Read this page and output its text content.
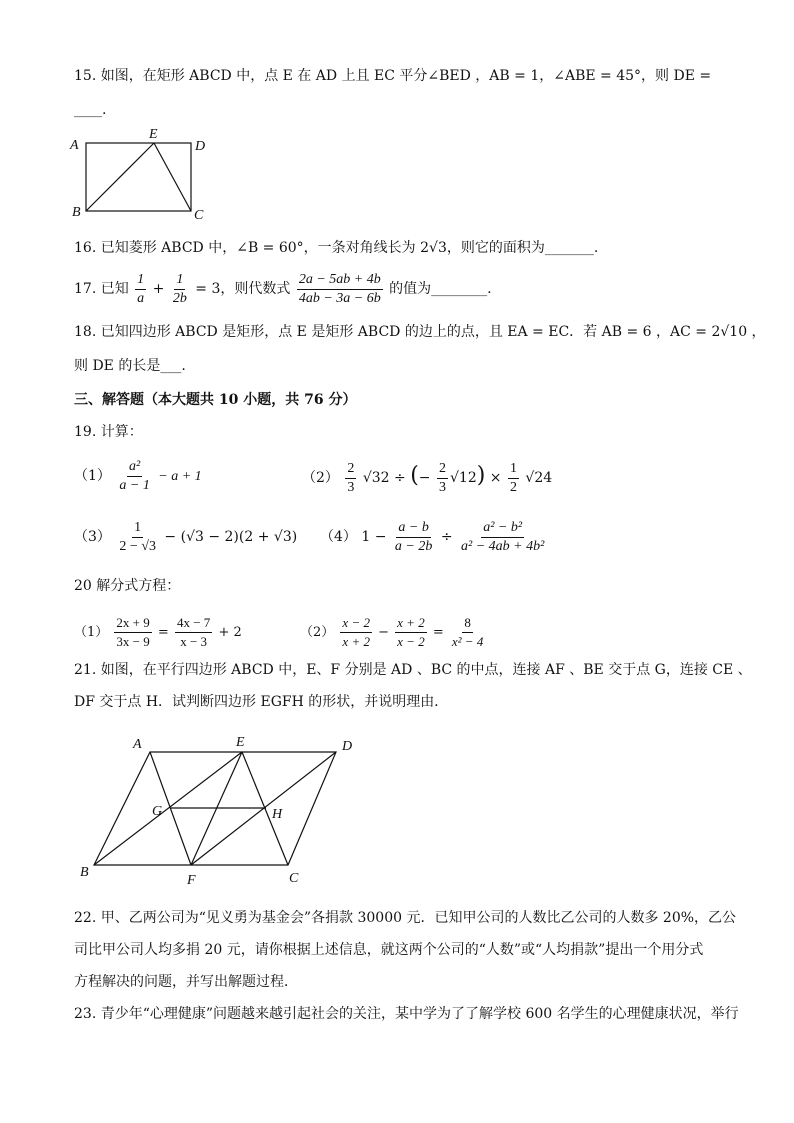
15. 如图，在矩形 ABCD 中，点 E 在 AD 上且 EC 平分∠BED ，AB = 1，∠ABE = 45°，则 DE =
____.
A
E
D
B	C
16. 已知菱形 ABCD 中，∠B = 60°，一条对角线长为 2√3，则它的面积为_______.
17. 已知 $\frac{1}{a} + \frac{1}{2b} = 3$，则代数式 $\frac{2a - 5ab + 4b}{4ab - 3a - 6b}$ 的值为________.
18. 已知四边形 ABCD 是矩形，点 E 是矩形 ABCD 的边上的点，且 EA = EC．若 AB = 6 ，AC = 2√10 ，
则 DE 的长是___.
三、解答题（本大题共 10 小题，共 76 分）
19. 计算：
$(1) \frac{\text{a²}}{a - 1} - a + 1$	$(2) \frac{2}{3} √32$ ÷ (− $\frac{2}{3} √12) \times \frac{1}{2} √24$
$(3) \frac{1}{2 - √3} - (√3 - 2)(2 + √3)$ （4） $1 - \frac{a - b}{a - 2b} \div \frac{\text{a² − b²}}{\text{a² − 4ab + 4b²}}$
20 解分式方程：
$(1) \frac{2x + 9}{3x - 9} = \frac{4x - 7}{x - 3} + 2$	$(2) \frac{x - 2}{x + 2} - \frac{x + 2}{x - 2} = \frac{8}{\text{x² − 4}}$
21. 如图，在平行四边形 ABCD 中，E、F 分别是 AD 、BC 的中点，连接 AF 、BE 交于点 G，连接 CE 、
DF 交于点 H．试判断四边形 EGFH 的形状，并说明理由．
A	E	D
G	H
B
F	C
22. 甲、乙两公司为“见义勇为基金会”各捐款 30000 元．已知甲公司的人数比乙公司的人数多 20%，乙公
司比甲公司人均多捐 20 元，请你根据上述信息，就这两个公司的“人数”或“人均捐款”提出一个用分式
方程解决的问题，并写出解题过程．
23. 青少年“心理健康”问题越来越引起社会的关注，某中学为了了解学校 600 名学生的心理健康状况，举行
